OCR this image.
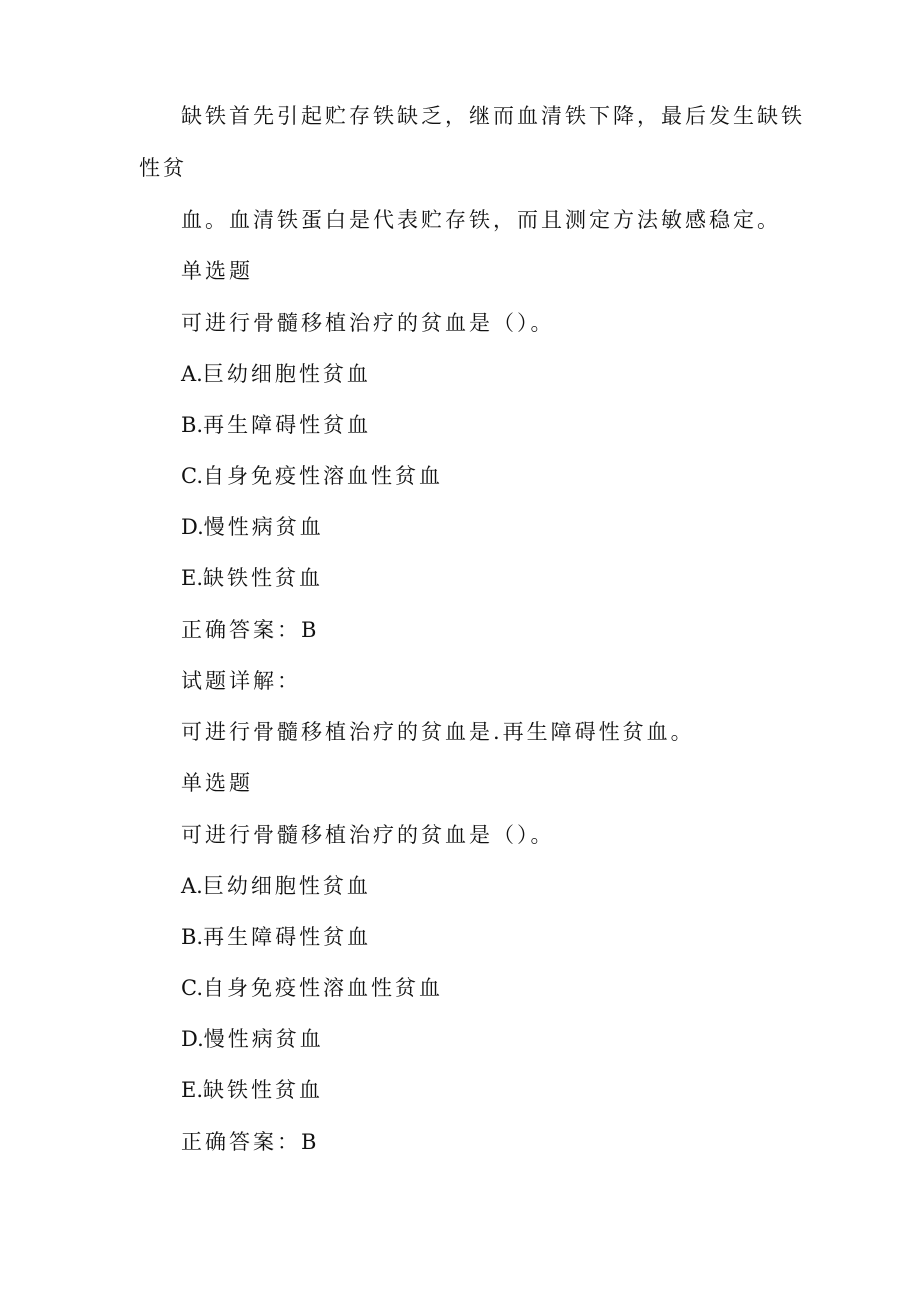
缺铁首先引起贮存铁缺乏，继而血清铁下降，最后发生缺铁
性贫
血。血清铁蛋白是代表贮存铁，而且测定方法敏感稳定。
单选题
可进行骨髓移植治疗的贫血是（）。
A.巨幼细胞性贫血
B.再生障碍性贫血
C.自身免疫性溶血性贫血
D.慢性病贫血
E.缺铁性贫血
正确答案：B
试题详解：
可进行骨髓移植治疗的贫血是.再生障碍性贫血。
单选题
可进行骨髓移植治疗的贫血是（）。
A.巨幼细胞性贫血
B.再生障碍性贫血
C.自身免疫性溶血性贫血
D.慢性病贫血
E.缺铁性贫血
正确答案：B
